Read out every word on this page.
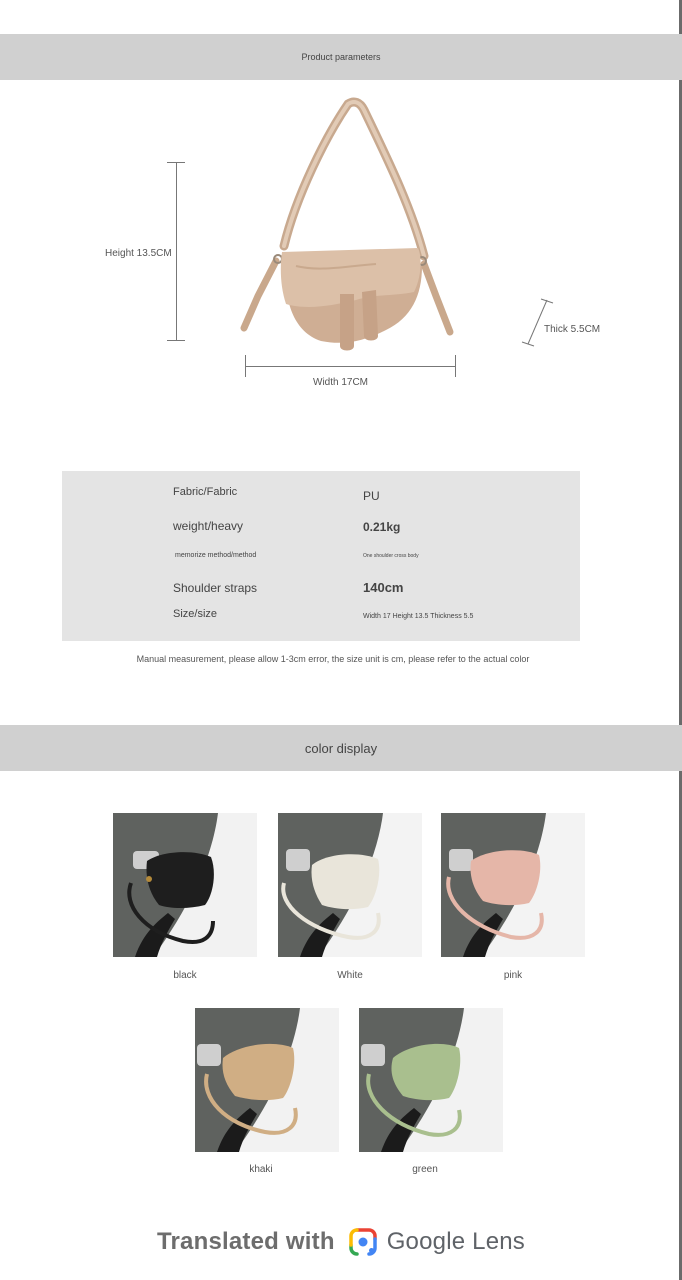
Product parameters
Height 13.5CM
Width 17CM
Thick 5.5CM
Fabric/Fabric	PU
weight/heavy	0.21kg
memorize method/method	One shoulder cross body
Shoulder straps	140cm
Size/size	Width 17 Height 13.5 Thickness 5.5
Manual measurement, please allow 1-3cm error, the size unit is cm, please refer to the actual color
color display
black	White	pink
khaki	green
Translated with Google Lens
